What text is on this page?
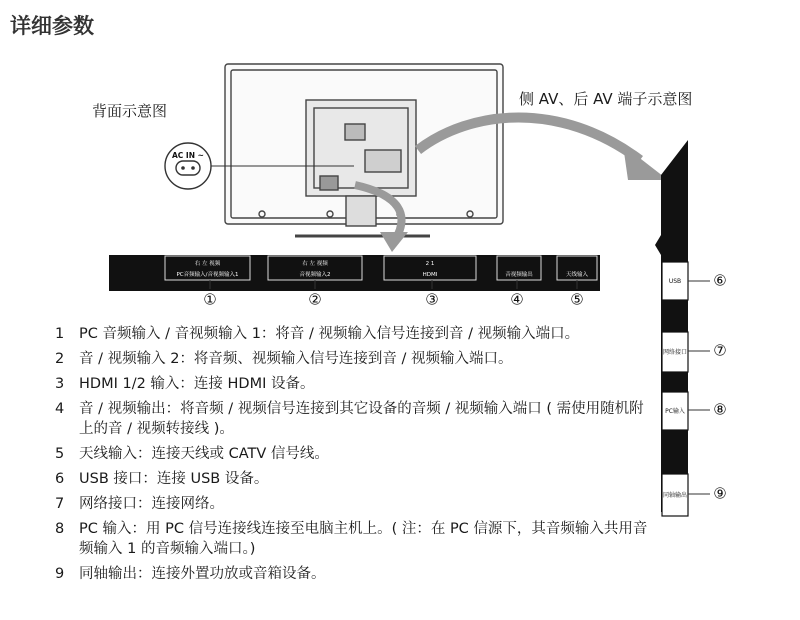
详细参数
背面示意图
侧 AV、后 AV 端子示意图
AC IN ~
右 左 视频
PC音频输入/音视频输入1
①
右 左 视频
音视频输入2
②
2 1
HDMI
③
音视频输出
④
天线输入
⑤
USB ⑥
网络接口 ⑦
PC输入 ⑧
同轴输出 ⑨
1	PC 音频输入 / 音视频输入 1：将音 / 视频输入信号连接到音 / 视频输入端口。
2	音 / 视频输入 2：将音频、视频输入信号连接到音 / 视频输入端口。
3	HDMI 1/2 输入：连接 HDMI 设备。
4	音 / 视频输出：将音频 / 视频信号连接到其它设备的音频 / 视频输入端口 ( 需使用随机附上的音 / 视频转接线 )。
5	天线输入：连接天线或 CATV 信号线。
6	USB 接口：连接 USB 设备。
7	网络接口：连接网络。
8	PC 输入：用 PC 信号连接线连接至电脑主机上。( 注：在 PC 信源下，其音频输入共用音频输入 1 的音频输入端口。)
9	同轴输出：连接外置功放或音箱设备。
